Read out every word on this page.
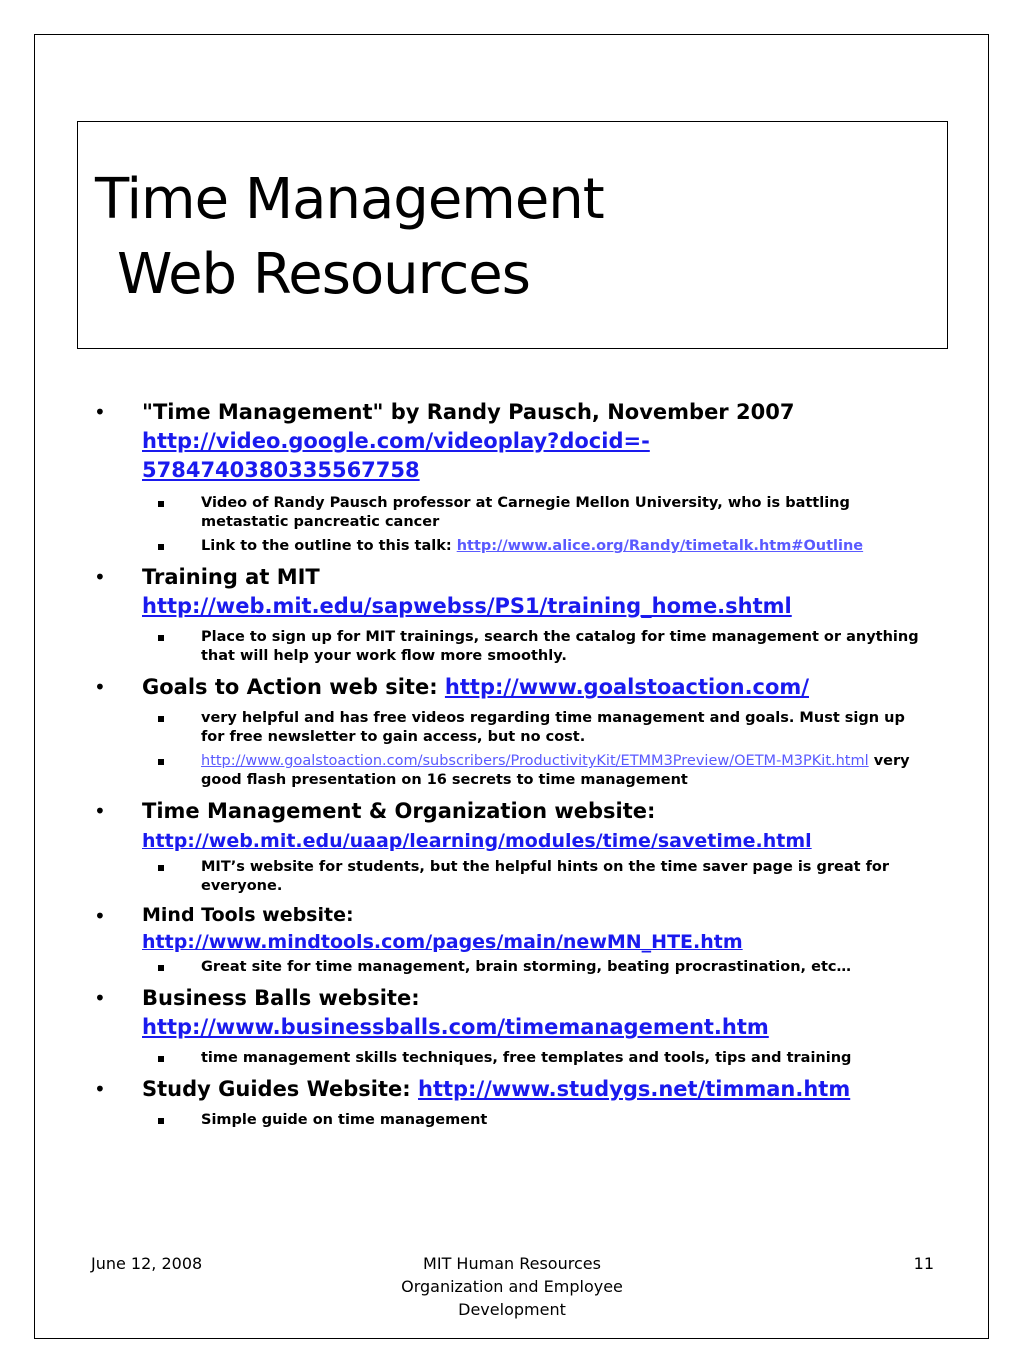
Time Management
Web Resources
• "Time Management" by Randy Pausch, November 2007
http://video.google.com/videoplay?docid=-
5784740380335567758
Video of Randy Pausch professor at Carnegie Mellon University, who is battling metastatic pancreatic cancer
Link to the outline to this talk: http://www.alice.org/Randy/timetalk.htm#Outline
• Training at MIT
http://web.mit.edu/sapwebss/PS1/training_home.shtml
Place to sign up for MIT trainings, search the catalog for time management or anything that will help your work flow more smoothly.
• Goals to Action web site: http://www.goalstoaction.com/
very helpful and has free videos regarding time management and goals. Must sign up for free newsletter to gain access, but no cost.
http://www.goalstoaction.com/subscribers/ProductivityKit/ETMM3Preview/OETM-M3PKit.html very good flash presentation on 16 secrets to time management
• Time Management & Organization website:
http://web.mit.edu/uaap/learning/modules/time/savetime.html
MIT’s website for students, but the helpful hints on the time saver page is great for everyone.
• Mind Tools website:
http://www.mindtools.com/pages/main/newMN_HTE.htm
Great site for time management, brain storming, beating procrastination, etc…
• Business Balls website:
http://www.businessballs.com/timemanagement.htm
time management skills techniques, free templates and tools, tips and training
• Study Guides Website: http://www.studygs.net/timman.htm
Simple guide on time management
June 12, 2008	MIT Human Resources
Organization and Employee
Development
11
